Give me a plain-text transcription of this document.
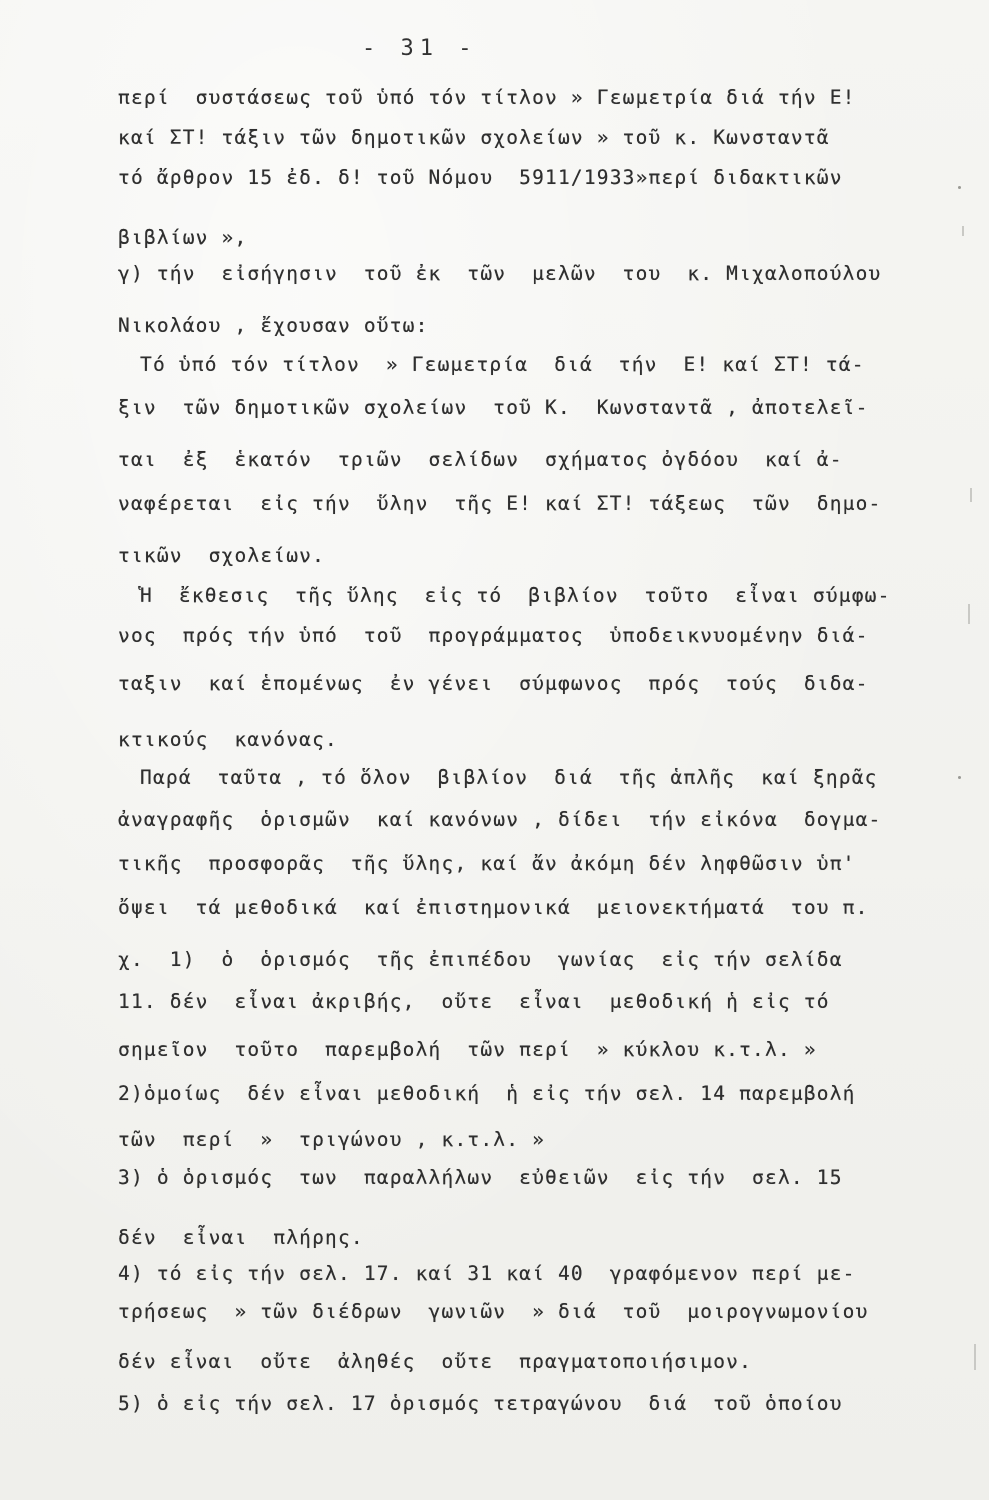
- 31 -
περί  συστάσεως τοῦ ὑπό τόν τίτλον » Γεωμετρία διά τήν Ε!
καί ΣΤ! τάξιν τῶν δημοτικῶν σχολείων » τοῦ κ. Κωνσταντᾶ
τό ἄρθρον 15 ἐδ. δ! τοῦ Νόμου  5911/1933»περί διδακτικῶν
βιβλίων »,
γ) τήν  εἰσήγησιν  τοῦ ἐκ  τῶν  μελῶν  του  κ. Μιχαλοπούλου
Νικολάου , ἔχουσαν οὕτω:
Τό ὑπό τόν τίτλον  » Γεωμετρία  διά  τήν  Ε! καί ΣΤ! τά-
ξιν  τῶν δημοτικῶν σχολείων  τοῦ Κ.  Κωνσταντᾶ , ἀποτελεῖ-
ται  ἐξ  ἑκατόν  τριῶν  σελίδων  σχήματος ὀγδόου  καί ἀ-
ναφέρεται  εἰς τήν  ὕλην  τῆς Ε! καί ΣΤ! τάξεως  τῶν  δημο-
τικῶν  σχολείων.
Ἡ  ἔκθεσις  τῆς ὕλης  εἰς τό  βιβλίον  τοῦτο  εἶναι σύμφω-
νος  πρός τήν ὑπό  τοῦ  προγράμματος  ὑποδεικνυομένην διά-
ταξιν  καί ἑπομένως  ἐν γένει  σύμφωνος  πρός  τούς  διδα-
κτικούς  κανόνας.
Παρά  ταῦτα , τό ὅλον  βιβλίον  διά  τῆς ἁπλῆς  καί ξηρᾶς
ἀναγραφῆς  ὁρισμῶν  καί κανόνων , δίδει  τήν εἰκόνα  δογμα-
τικῆς  προσφορᾶς  τῆς ὕλης, καί ἄν ἀκόμη δέν ληφθῶσιν ὑπ'
ὄψει  τά μεθοδικά  καί ἐπιστημονικά  μειονεκτήματά  του π.
χ.  1)  ὁ  ὁρισμός  τῆς ἐπιπέδου  γωνίας  εἰς τήν σελίδα
11. δέν  εἶναι ἀκριβής,  οὔτε  εἶναι  μεθοδική ἡ εἰς τό
σημεῖον  τοῦτο  παρεμβολή  τῶν περί  » κύκλου κ.τ.λ. »
2)ὁμοίως  δέν εἶναι μεθοδική  ἡ εἰς τήν σελ. 14 παρεμβολή
τῶν  περί  »  τριγώνου , κ.τ.λ. »
3) ὁ ὁρισμός  των  παραλλήλων  εὐθειῶν  εἰς τήν  σελ. 15
δέν  εἶναι  πλήρης.
4) τό εἰς τήν σελ. 17. καί 31 καί 40  γραφόμενον περί με-
τρήσεως  » τῶν διέδρων  γωνιῶν  » διά  τοῦ  μοιρογνωμονίου
δέν εἶναι  οὔτε  ἀληθές  οὔτε  πραγματοποιήσιμον.
5) ὁ εἰς τήν σελ. 17 ὁρισμός τετραγώνου  διά  τοῦ ὁποίου
